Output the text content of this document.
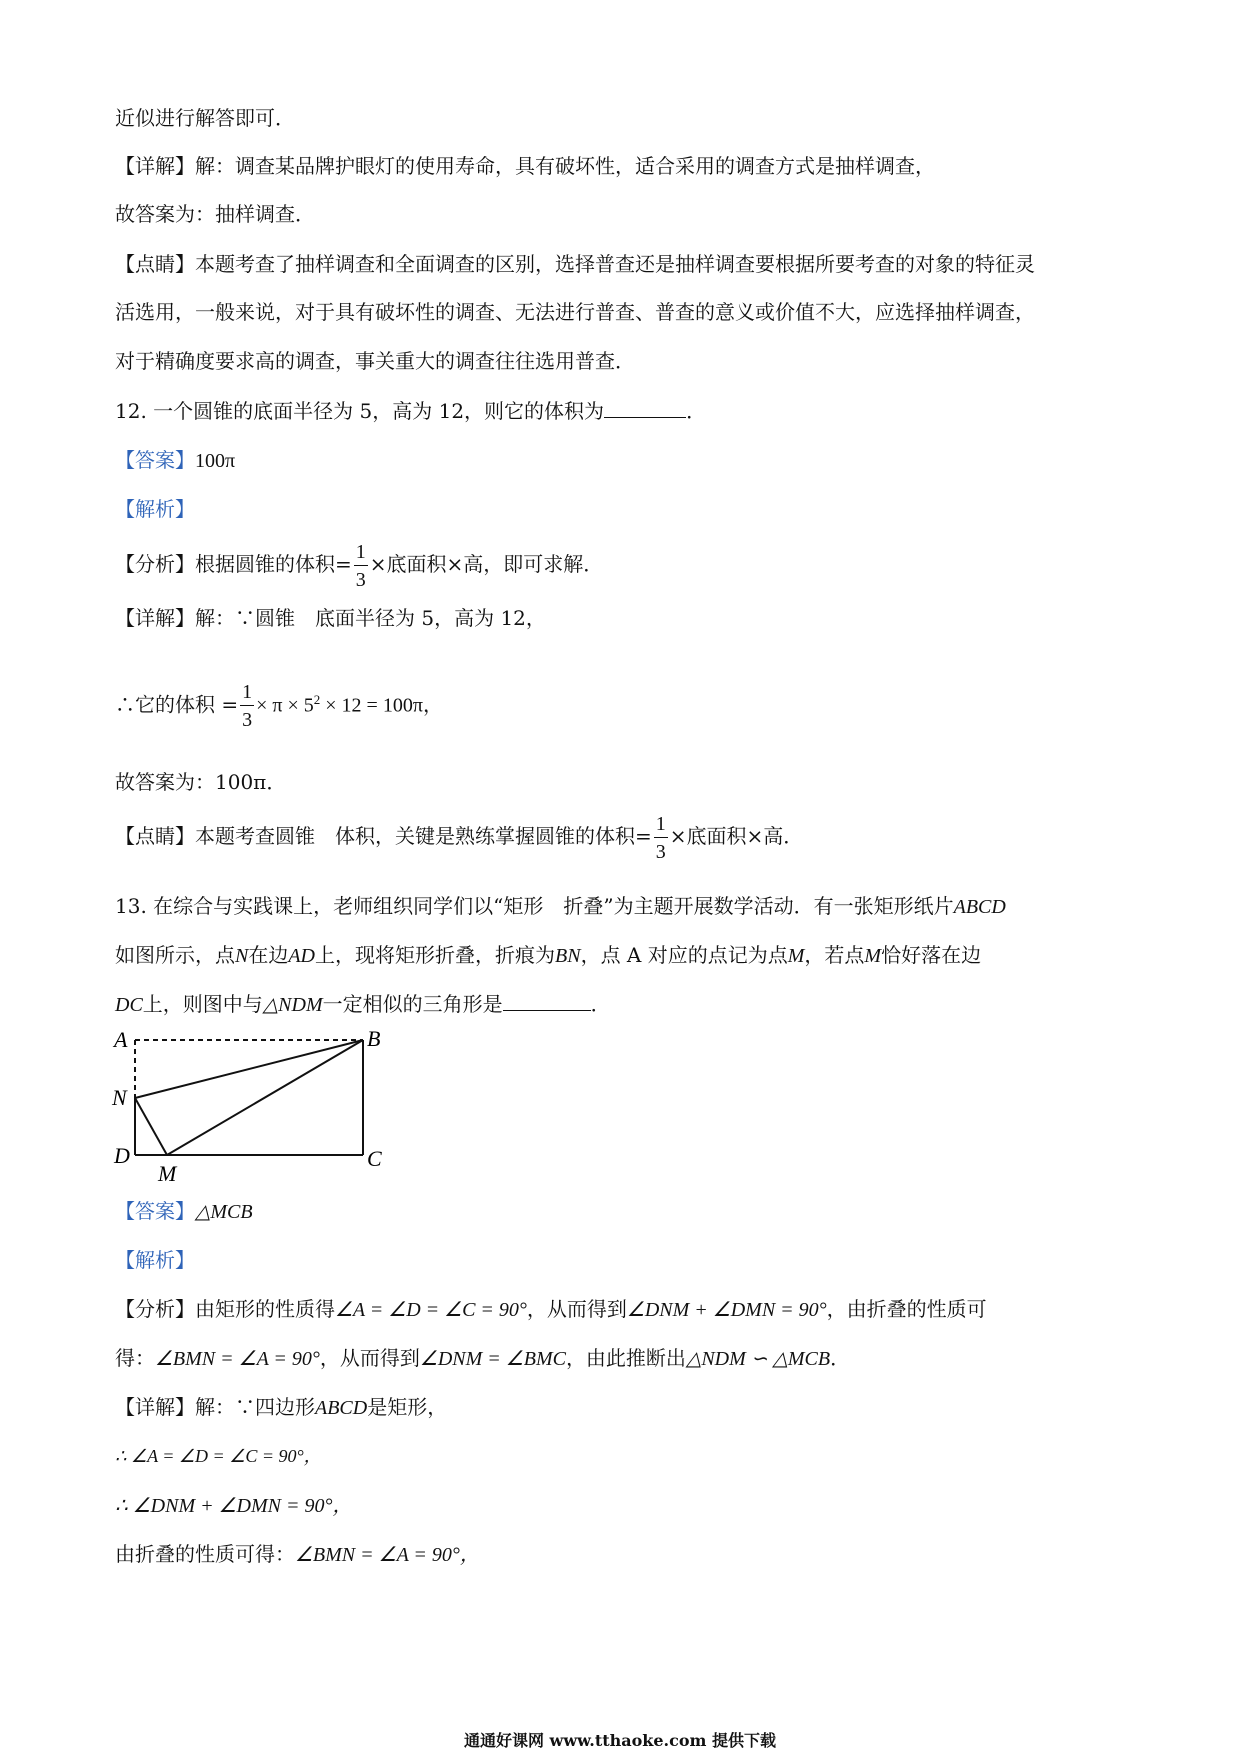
近似进行解答即可．
【详解】解：调查某品牌护眼灯的使用寿命，具有破坏性，适合采用的调查方式是抽样调查，
故答案为：抽样调查．
【点睛】本题考查了抽样调查和全面调查的区别，选择普查还是抽样调查要根据所要考查的对象的特征灵
活选用，一般来说，对于具有破坏性的调查、无法进行普查、普查的意义或价值不大，应选择抽样调查，
对于精确度要求高的调查，事关重大的调查往往选用普查．
12. 一个圆锥的底面半径为 5，高为 12，则它的体积为	．
【答案】100π
【解析】
【分析】根据圆锥的体积= $\frac{1}{3}$ ×底面积×高，即可求解．
【详解】解：∵圆锥　底面半径为 5，高为 12，
∴它的体积 = $\frac{1}{3} \times \pi \times 5^2 \times 12 = 100\pi$，
故答案为：100π．
【点睛】本题考查圆锥　体积，关键是熟练掌握圆锥的体积= $\frac{1}{3}$ ×底面积×高．
13. 在综合与实践课上，老师组织同学们以“矩形　折叠”为主题开展数学活动．有一张矩形纸片ABCD
如图所示，点N在边AD上，现将矩形折叠，折痕为BN，点 A 对应的点记为点M，若点M恰好落在边
DC上，则图中与△NDM一定相似的三角形是	．
A	B
C
D
N
M
【答案】△MCB
【解析】
【分析】由矩形的性质得∠A = ∠D = ∠C = 90°，从而得到∠DNM + ∠DMN = 90°，由折叠的性质可
得：∠BMN = ∠A = 90°，从而得到∠DNM = ∠BMC，由此推断出△NDM ∽ △MCB．
【详解】解：∵四边形ABCD是矩形，
∴ ∠A = ∠D = ∠C = 90°，
∴ ∠DNM + ∠DMN = 90°，
由折叠的性质可得：∠BMN = ∠A = 90°，
通通好课网 www.tthaoke.com 提供下载
